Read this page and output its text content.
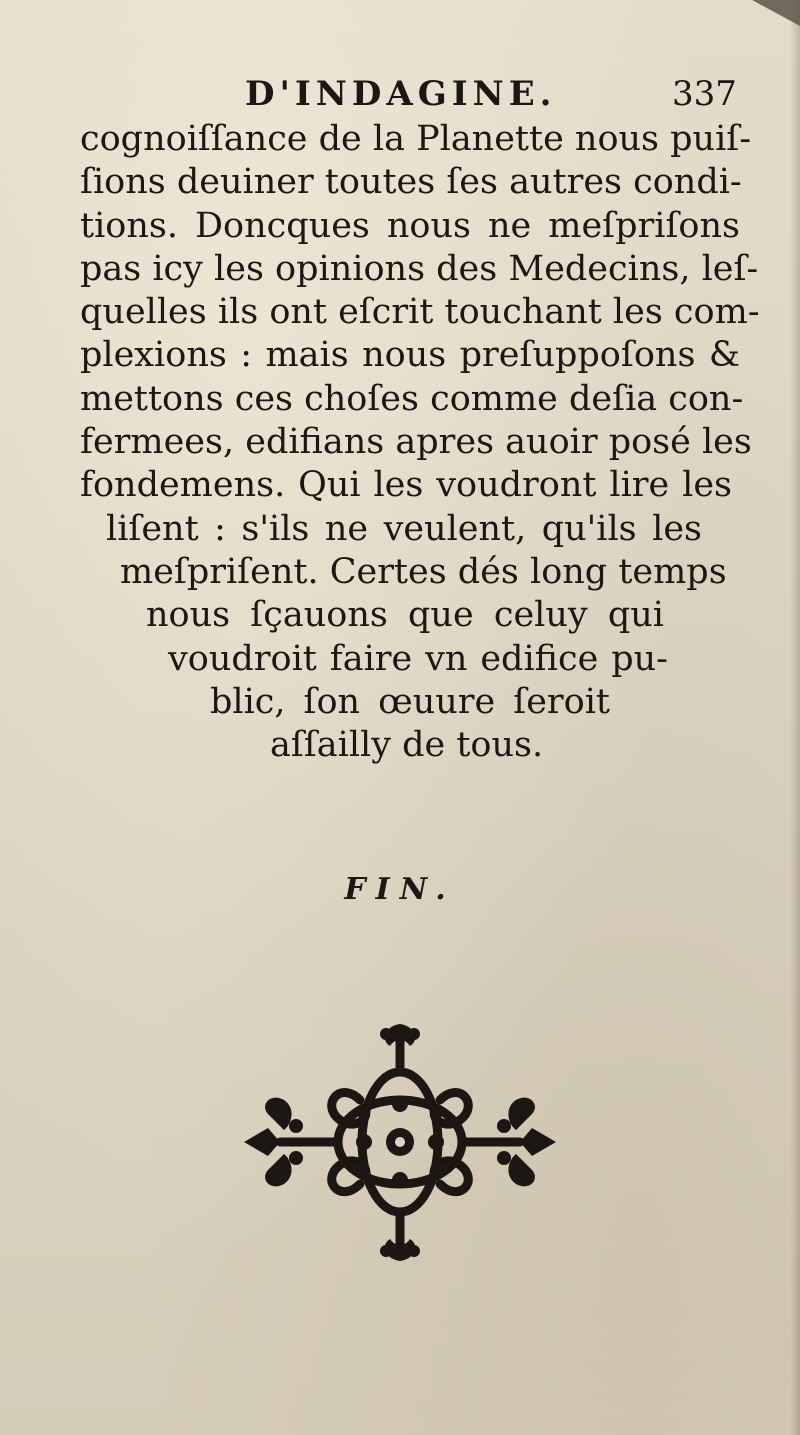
D'INDAGINE.	337
cognoiſſance de la Planette nous puiſ-
ſions deuiner toutes ſes autres condi-
tions. Doncques nous ne meſpriſons
pas icy les opinions des Medecins, leſ-
quelles ils ont eſcrit touchant les com-
plexions : mais nous preſuppoſons &
mettons ces choſes comme deſia con-
fermees, edifians apres auoir posé les
fondemens. Qui les voudront lire les
liſent : s'ils ne veulent, qu'ils les
meſpriſent. Certes dés long temps
nous ſçauons que celuy qui
voudroit faire vn edifice pu-
blic, ſon œuure ſeroit
aſſailly de tous.
FIN.
